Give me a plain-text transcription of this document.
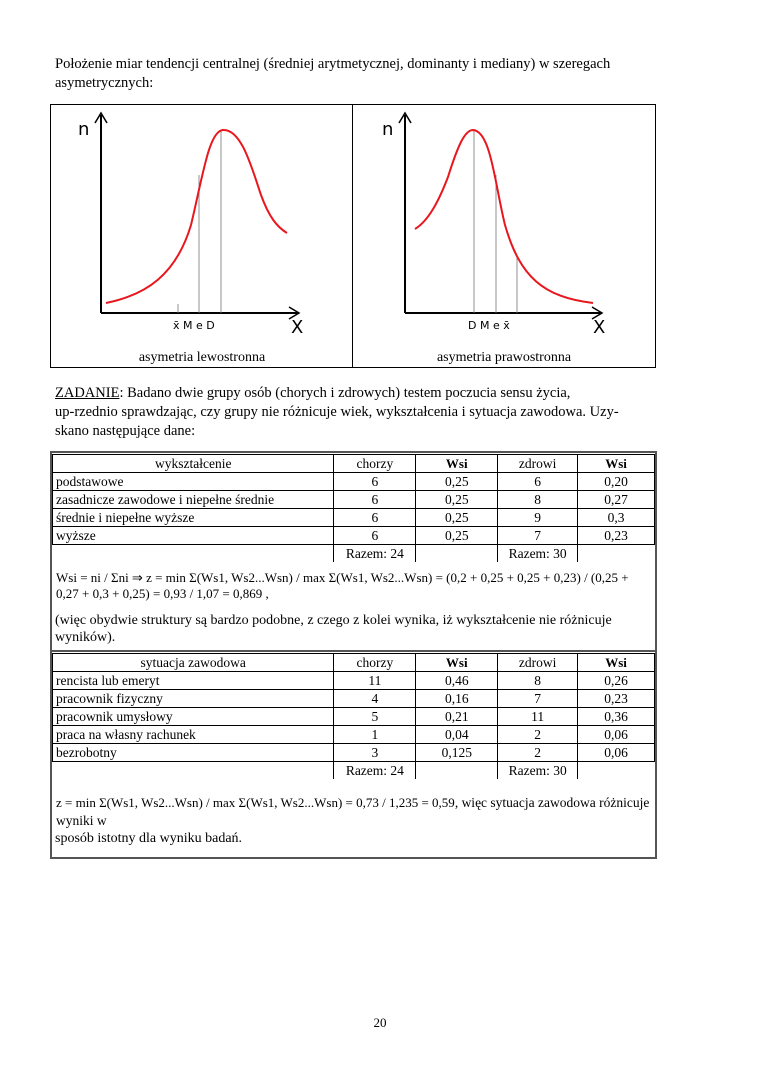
Położenie miar tendencji centralnej (średniej arytmetycznej, dominanty i mediany) w szeregach asymetrycznych:
n
x̄ M e D	X
n
D M e x̄	X
asymetria lewostronna	asymetria prawostronna
ZADANIE: Badano dwie grupy osób (chorych i zdrowych) testem poczucia sensu życia,
up-rzednio sprawdzając, czy grupy nie różnicuje wiek, wykształcenia i sytuacja zawodowa. Uzy-
skano następujące dane:
wykształcenie	chorzy	Wsi	zdrowi	Wsi
podstawowe	6	0,25	6	0,20
zasadnicze zawodowe i niepełne średnie	6	0,25	8	0,27
średnie i niepełne wyższe	6	0,25	9	0,3
wyższe	6	0,25	7	0,23
	Razem: 24		Razem: 30	
Wsi = ni / Σni ⇒ z = min Σ(Ws1, Ws2...Wsn) / max Σ(Ws1, Ws2...Wsn) = (0,2 + 0,25 + 0,25 + 0,23) / (0,25 + 0,27 + 0,3 + 0,25) = 0,93 / 1,07 = 0,869 ,
(więc obydwie struktury są bardzo podobne, z czego z kolei wynika, iż wykształcenie nie różnicuje wyników).
sytuacja zawodowa	chorzy	Wsi	zdrowi	Wsi
rencista lub emeryt	11	0,46	8	0,26
pracownik fizyczny	4	0,16	7	0,23
pracownik umysłowy	5	0,21	11	0,36
praca na własny rachunek	1	0,04	2	0,06
bezrobotny	3	0,125	2	0,06
	Razem: 24		Razem: 30	
z = min Σ(Ws1, Ws2...Wsn) / max Σ(Ws1, Ws2...Wsn) = 0,73 / 1,235 = 0,59, więc sytuacja zawodowa różnicuje wyniki w
sposób istotny dla wyniku badań.
20
